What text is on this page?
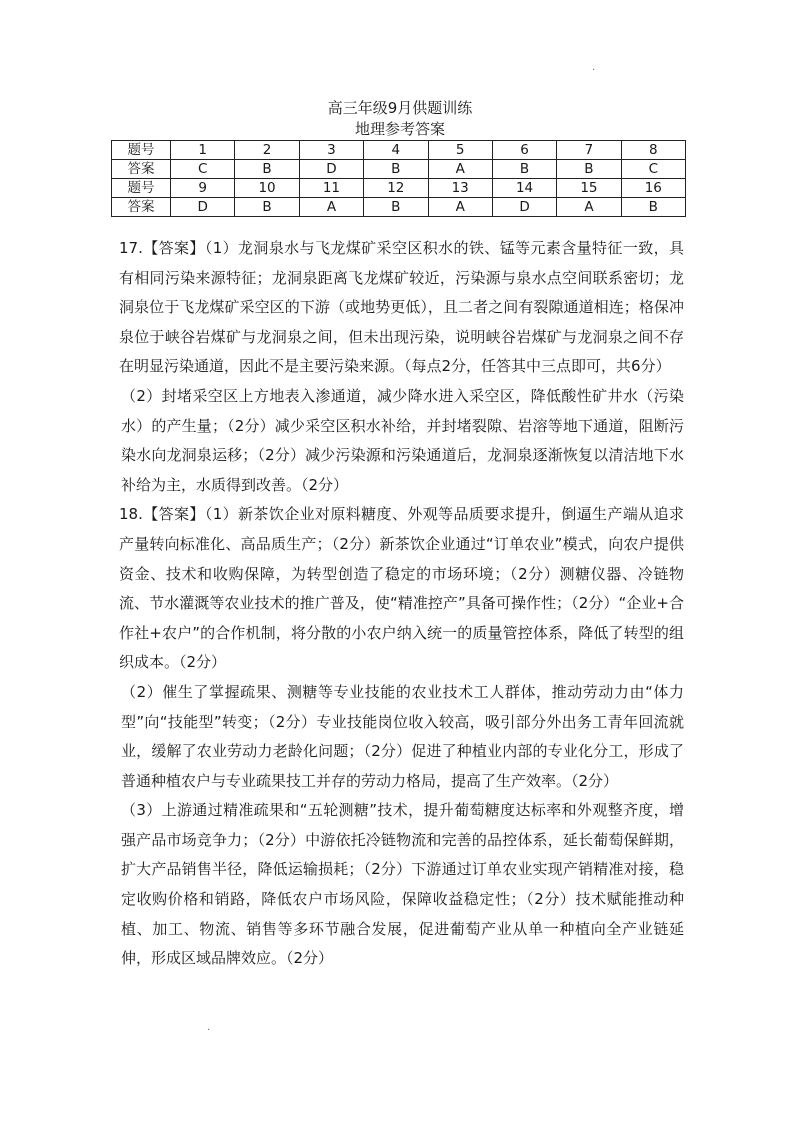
.
高三年级9月供题训练
地理参考答案
题号	1	2	3	4	5	6	7	8
答案	C	B	D	B	A	B	B	C
题号	9	10	11	12	13	14	15	16
答案	D	B	A	B	A	D	A	B

17.【答案】（1）龙洞泉水与飞龙煤矿采空区积水的铁、锰等元素含量特征一致，具有相同污染来源特征；龙洞泉距离飞龙煤矿较近，污染源与泉水点空间联系密切；龙洞泉位于飞龙煤矿采空区的下游（或地势更低），且二者之间有裂隙通道相连；格保冲泉位于峡谷岩煤矿与龙洞泉之间，但未出现污染，说明峡谷岩煤矿与龙洞泉之间不存在明显污染通道，因此不是主要污染来源。（每点2分，任答其中三点即可，共6分）

（2）封堵采空区上方地表入渗通道，减少降水进入采空区，降低酸性矿井水（污染水）的产生量；（2分）减少采空区积水补给，并封堵裂隙、岩溶等地下通道，阻断污染水向龙洞泉运移；（2分）减少污染源和污染通道后，龙洞泉逐渐恢复以清洁地下水补给为主，水质得到改善。（2分）

18.【答案】（1）新茶饮企业对原料糖度、外观等品质要求提升，倒逼生产端从追求产量转向标准化、高品质生产；（2分）新茶饮企业通过“订单农业”模式，向农户提供资金、技术和收购保障，为转型创造了稳定的市场环境；（2分）测糖仪器、冷链物流、节水灌溉等农业技术的推广普及，使“精准控产”具备可操作性；（2分）“企业+合作社+农户”的合作机制，将分散的小农户纳入统一的质量管控体系，降低了转型的组织成本。（2分）

（2）催生了掌握疏果、测糖等专业技能的农业技术工人群体，推动劳动力由“体力型”向“技能型”转变；（2分）专业技能岗位收入较高，吸引部分外出务工青年回流就业，缓解了农业劳动力老龄化问题；（2分）促进了种植业内部的专业化分工，形成了普通种植农户与专业疏果技工并存的劳动力格局，提高了生产效率。（2分）

（3）上游通过精准疏果和“五轮测糖”技术，提升葡萄糖度达标率和外观整齐度，增强产品市场竞争力；（2分）中游依托冷链物流和完善的品控体系，延长葡萄保鲜期，扩大产品销售半径，降低运输损耗；（2分）下游通过订单农业实现产销精准对接，稳定收购价格和销路，降低农户市场风险，保障收益稳定性；（2分）技术赋能推动种植、加工、物流、销售等多环节融合发展，促进葡萄产业从单一种植向全产业链延伸，形成区域品牌效应。（2分）

.
